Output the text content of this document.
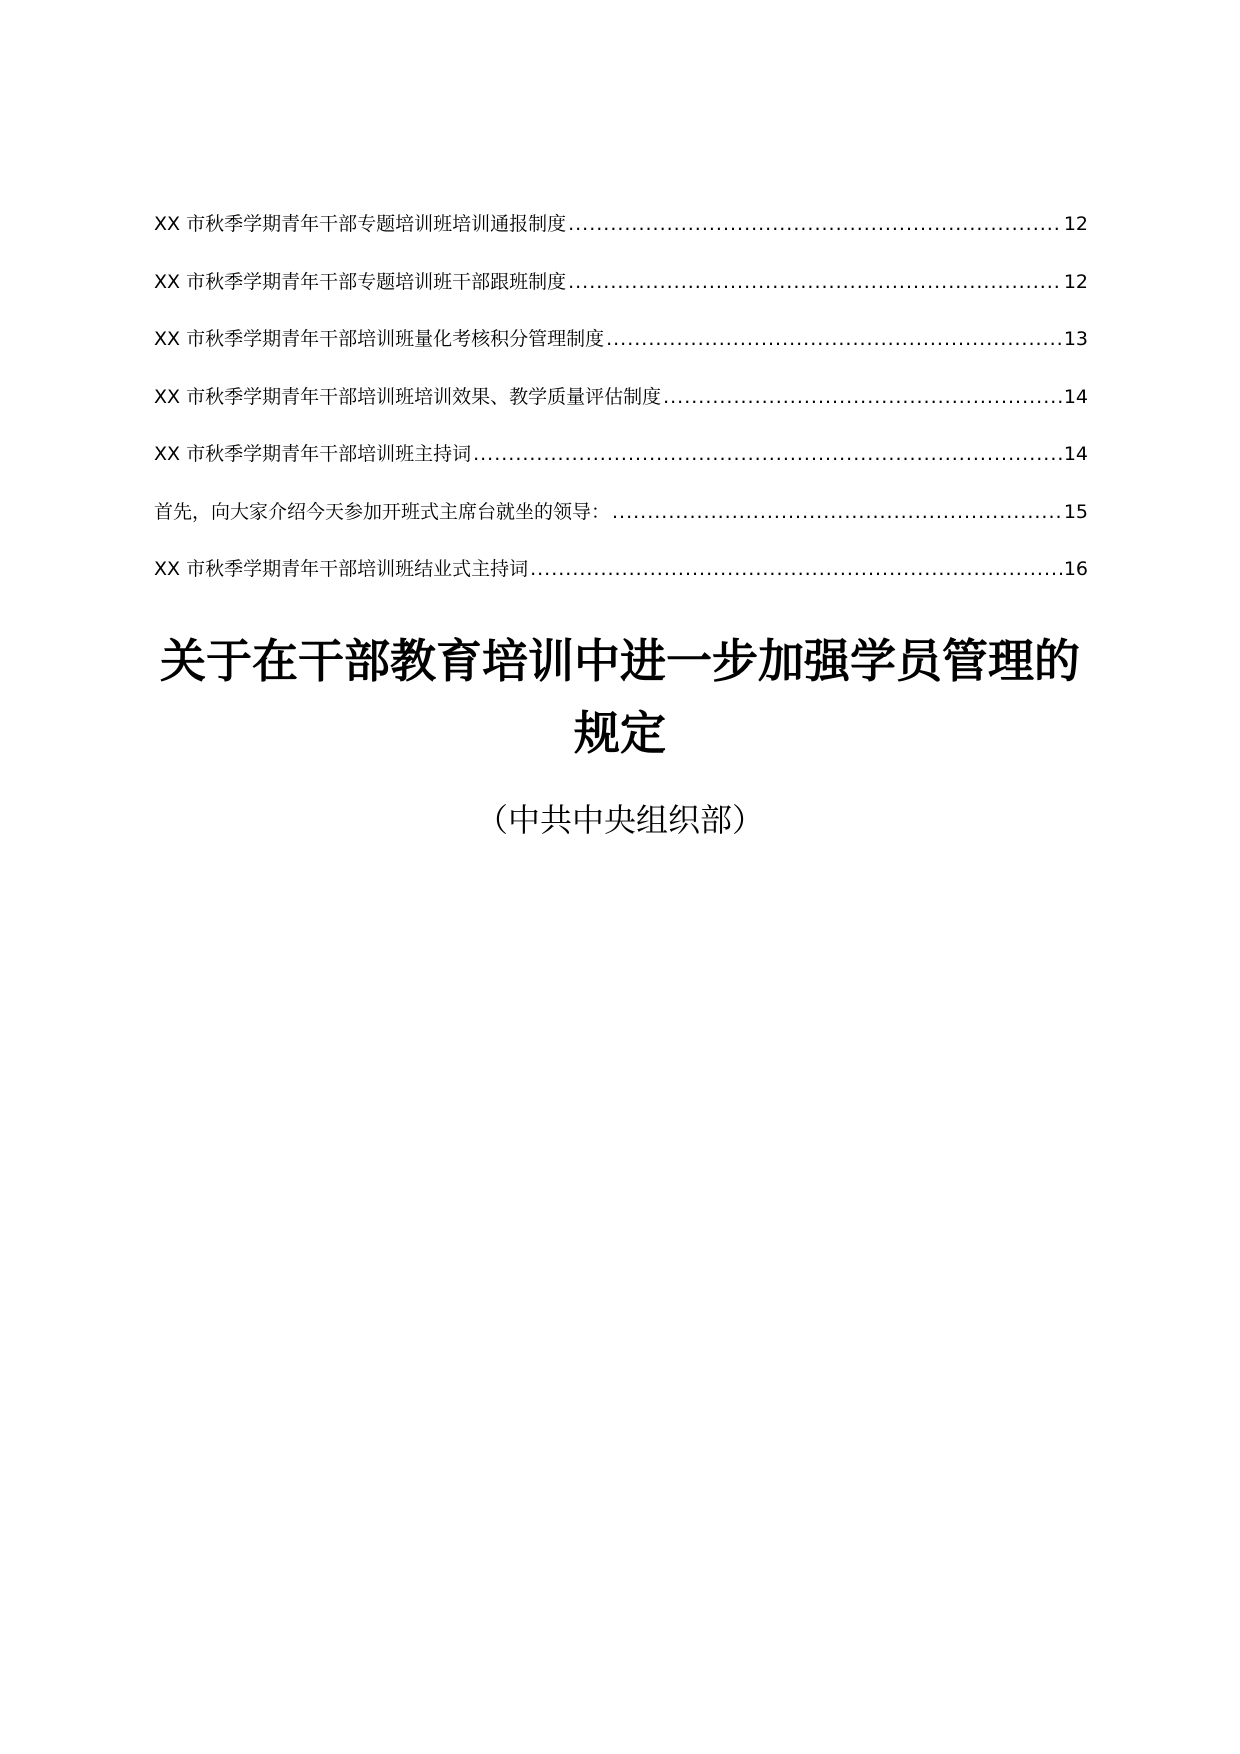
XX 市秋季学期青年干部专题培训班培训通报制度 .....	12
XX 市秋季学期青年干部专题培训班干部跟班制度 .....	12
XX 市秋季学期青年干部培训班量化考核积分管理制度 .....	13
XX 市秋季学期青年干部培训班培训效果、教学质量评估制度 .....	14
XX 市秋季学期青年干部培训班主持词 .....	14
首先，向大家介绍今天参加开班式主席台就坐的领导： .....	15
XX 市秋季学期青年干部培训班结业式主持词 .....	16
关于在干部教育培训中进一步加强学员管理的
规定
（中共中央组织部）
